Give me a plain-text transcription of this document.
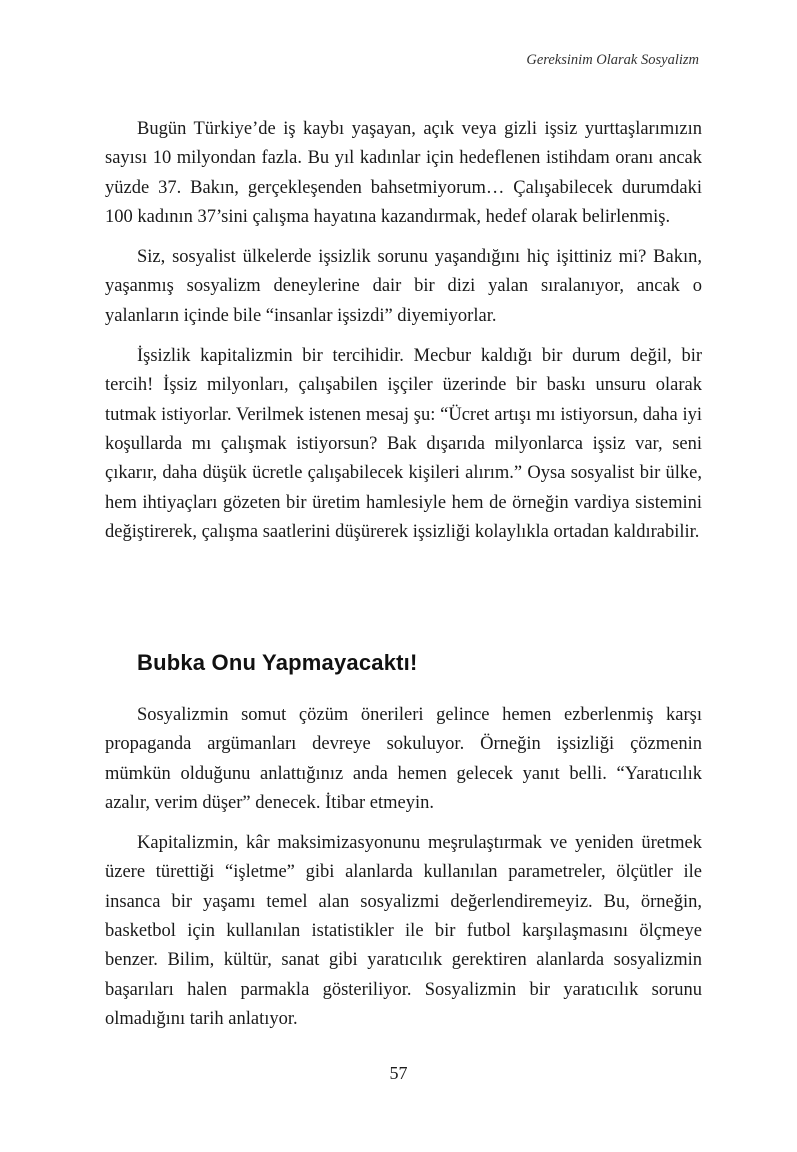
Gereksinim Olarak Sosyalizm

Bugün Türkiye’de iş kaybı yaşayan, açık veya gizli işsiz yurttaşlarımızın sayısı 10 milyondan fazla. Bu yıl kadınlar için hedeflenen istihdam oranı ancak yüzde 37. Bakın, gerçekleşenden bahsetmiyorum… Çalışabilecek durumdaki 100 kadının 37’sini çalışma hayatına kazandırmak, hedef olarak belirlenmiş.

Siz, sosyalist ülkelerde işsizlik sorunu yaşandığını hiç işittiniz mi? Bakın, yaşanmış sosyalizm deneylerine dair bir dizi yalan sıralanıyor, ancak o yalanların içinde bile “insanlar işsizdi” diyemiyorlar.

İşsizlik kapitalizmin bir tercihidir. Mecbur kaldığı bir durum değil, bir tercih! İşsiz milyonları, çalışabilen işçiler üzerinde bir baskı unsuru olarak tutmak istiyorlar. Verilmek istenen mesaj şu: “Ücret artışı mı istiyorsun, daha iyi koşullarda mı çalışmak istiyorsun? Bak dışarıda milyonlarca işsiz var, seni çıkarır, daha düşük ücretle çalışabilecek kişileri alırım.” Oysa sosyalist bir ülke, hem ihtiyaçları gözeten bir üretim hamlesiyle hem de örneğin vardiya sistemini değiştirerek, çalışma saatlerini düşürerek işsizliği kolaylıkla ortadan kaldırabilir.

Bubka Onu Yapmayacaktı!

Sosyalizmin somut çözüm önerileri gelince hemen ezberlenmiş karşı propaganda argümanları devreye sokuluyor. Örneğin işsizliği çözmenin mümkün olduğunu anlattığınız anda hemen gelecek yanıt belli. “Yaratıcılık azalır, verim düşer” denecek. İtibar etmeyin.

Kapitalizmin, kâr maksimizasyonunu meşrulaştırmak ve yeniden üretmek üzere türettiği “işletme” gibi alanlarda kullanılan parametreler, ölçütler ile insanca bir yaşamı temel alan sosyalizmi değerlendiremeyiz. Bu, örneğin, basketbol için kullanılan istatistikler ile bir futbol karşılaşmasını ölçmeye benzer. Bilim, kültür, sanat gibi yaratıcılık gerektiren alanlarda sosyalizmin başarıları halen parmakla gösteriliyor. Sosyalizmin bir yaratıcılık sorunu olmadığını tarih anlatıyor.

57
